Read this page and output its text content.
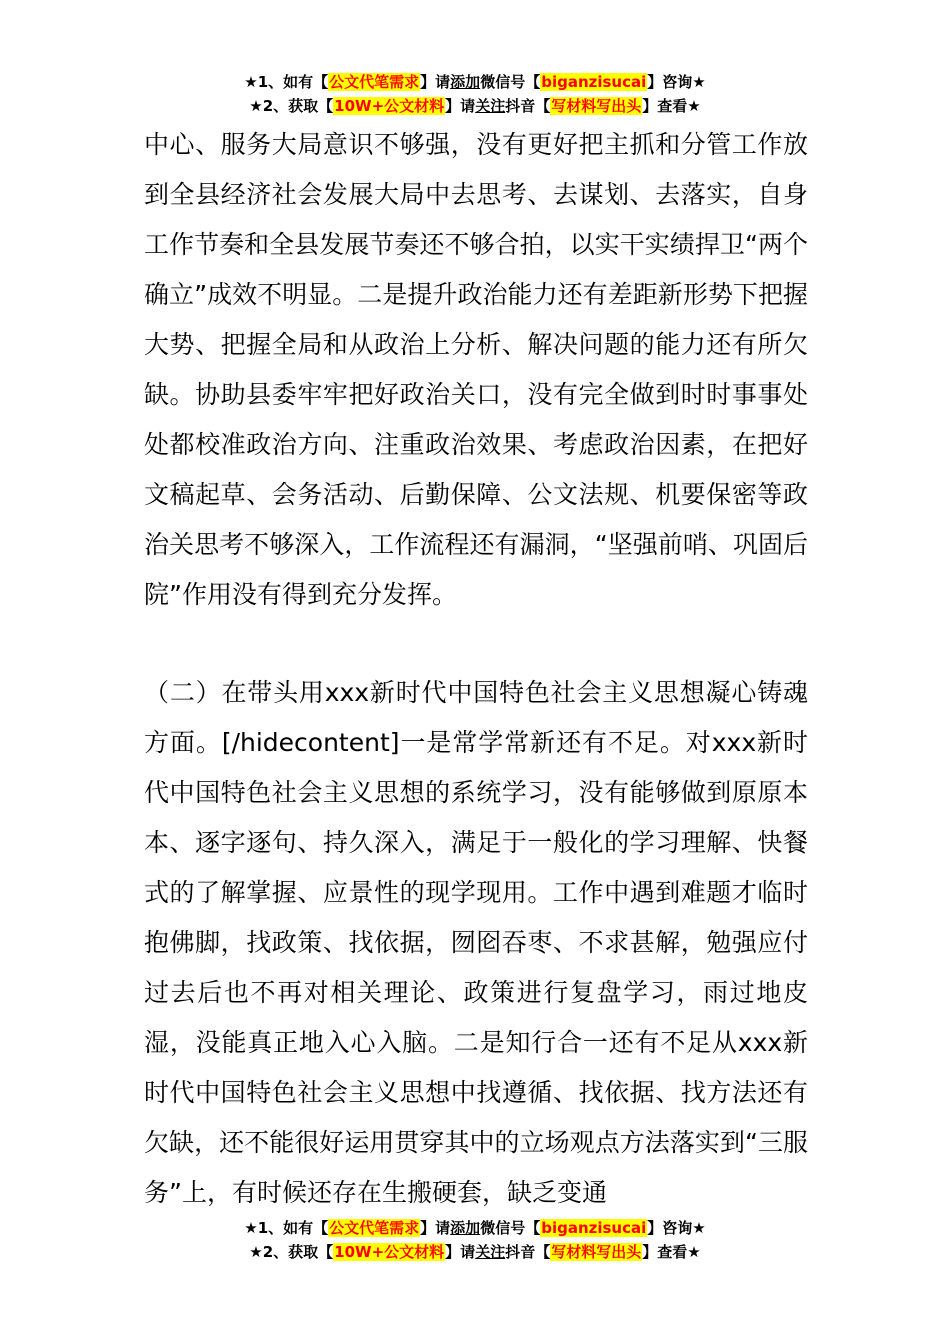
★1、如有【公文代笔需求】请添加微信号【biganzisucai】咨询★
★2、获取【10W+公文材料】请关注抖音【写材料写出头】查看★
中心、服务大局意识不够强，没有更好把主抓和分管工作放到全县经济社会发展大局中去思考、去谋划、去落实，自身工作节奏和全县发展节奏还不够合拍，以实干实绩捍卫“两个确立”成效不明显。二是提升政治能力还有差距新形势下把握大势、把握全局和从政治上分析、解决问题的能力还有所欠缺。协助县委牢牢把好政治关口，没有完全做到时时事事处处都校准政治方向、注重政治效果、考虑政治因素，在把好文稿起草、会务活动、后勤保障、公文法规、机要保密等政治关思考不够深入，工作流程还有漏洞，“坚强前哨、巩固后院”作用没有得到充分发挥。
（二）在带头用xxx新时代中国特色社会主义思想凝心铸魂方面。[/hidecontent]一是常学常新还有不足。对xxx新时代中国特色社会主义思想的系统学习，没有能够做到原原本本、逐字逐句、持久深入，满足于一般化的学习理解、快餐式的了解掌握、应景性的现学现用。工作中遇到难题才临时抱佛脚，找政策、找依据，囫囵吞枣、不求甚解，勉强应付过去后也不再对相关理论、政策进行复盘学习，雨过地皮湿，没能真正地入心入脑。二是知行合一还有不足从xxx新时代中国特色社会主义思想中找遵循、找依据、找方法还有欠缺，还不能很好运用贯穿其中的立场观点方法落实到“三服务”上，有时候还存在生搬硬套，缺乏变通
★1、如有【公文代笔需求】请添加微信号【biganzisucai】咨询★
★2、获取【10W+公文材料】请关注抖音【写材料写出头】查看★
